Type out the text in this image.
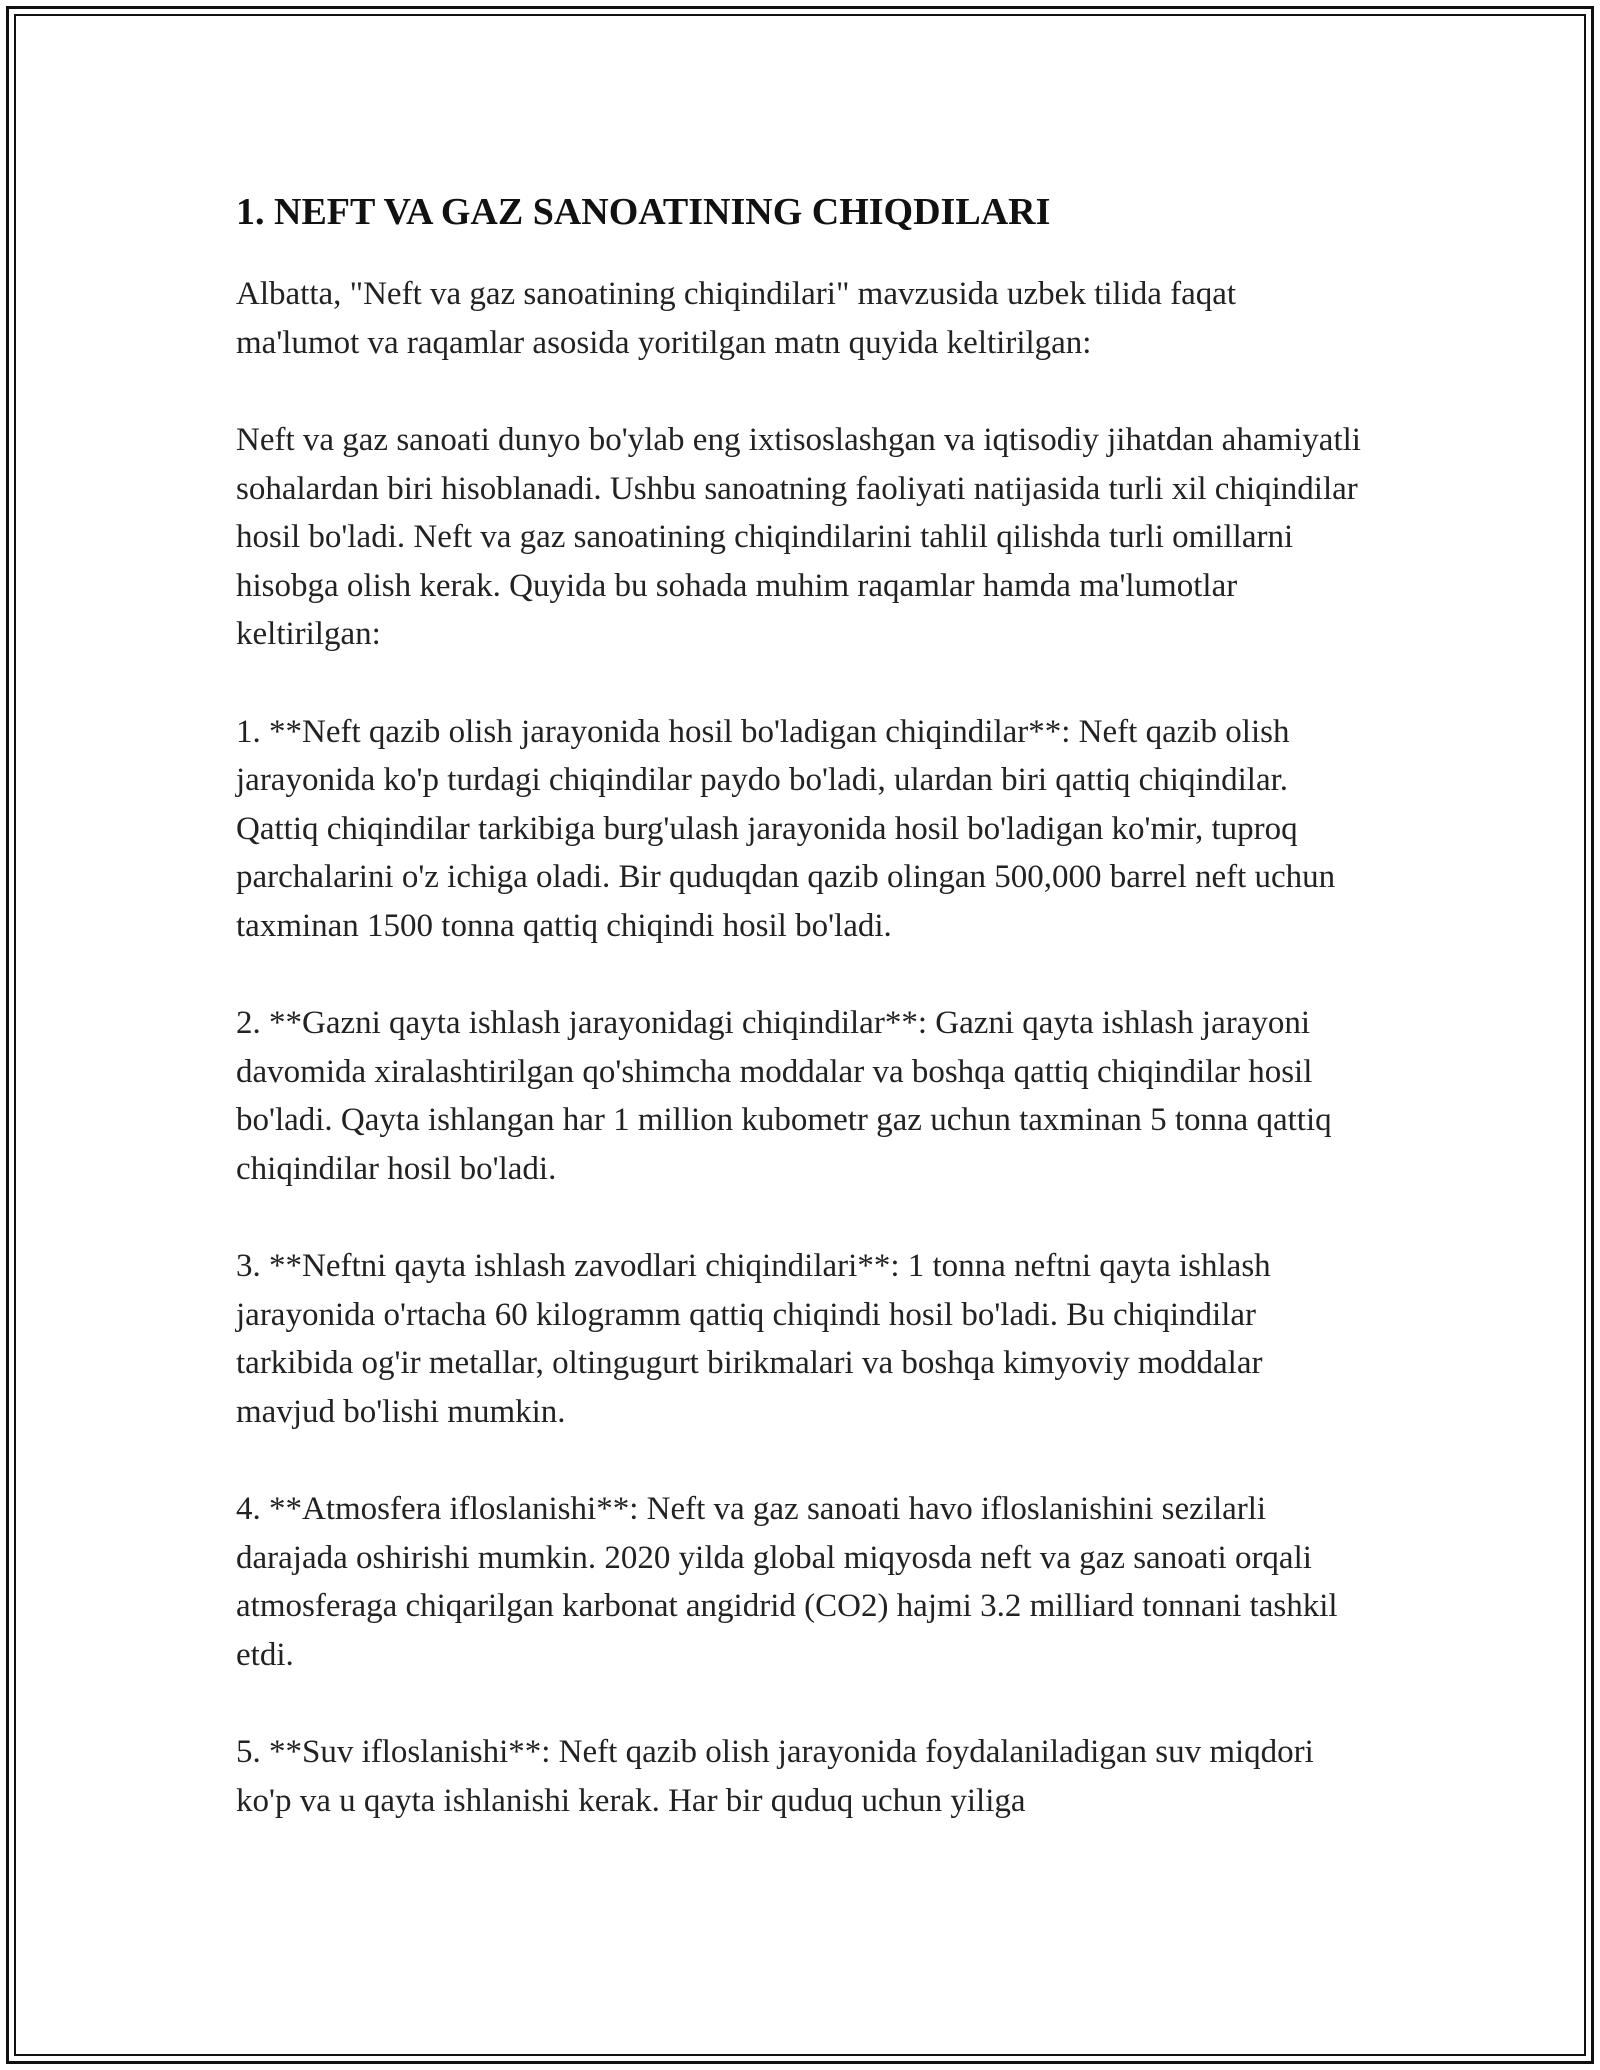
1. NEFT VA GAZ SANOATINING CHIQDILARI

Albatta, "Neft va gaz sanoatining chiqindilari" mavzusida uzbek tilida faqat ma'lumot va raqamlar asosida yoritilgan matn quyida keltirilgan:

Neft va gaz sanoati dunyo bo'ylab eng ixtisoslashgan va iqtisodiy jihatdan ahamiyatli sohalardan biri hisoblanadi. Ushbu sanoatning faoliyati natijasida turli xil chiqindilar hosil bo'ladi. Neft va gaz sanoatining chiqindilarini tahlil qilishda turli omillarni hisobga olish kerak. Quyida bu sohada muhim raqamlar hamda ma'lumotlar keltirilgan:

1. **Neft qazib olish jarayonida hosil bo'ladigan chiqindilar**: Neft qazib olish jarayonida ko'p turdagi chiqindilar paydo bo'ladi, ulardan biri qattiq chiqindilar. Qattiq chiqindilar tarkibiga burg'ulash jarayonida hosil bo'ladigan ko'mir, tuproq parchalarini o'z ichiga oladi. Bir quduqdan qazib olingan 500,000 barrel neft uchun taxminan 1500 tonna qattiq chiqindi hosil bo'ladi.

2. **Gazni qayta ishlash jarayonidagi chiqindilar**: Gazni qayta ishlash jarayoni davomida xiralashtirilgan qo'shimcha moddalar va boshqa qattiq chiqindilar hosil bo'ladi. Qayta ishlangan har 1 million kubometr gaz uchun taxminan 5 tonna qattiq chiqindilar hosil bo'ladi.

3. **Neftni qayta ishlash zavodlari chiqindilari**: 1 tonna neftni qayta ishlash jarayonida o'rtacha 60 kilogramm qattiq chiqindi hosil bo'ladi. Bu chiqindilar tarkibida og'ir metallar, oltingugurt birikmalari va boshqa kimyoviy moddalar mavjud bo'lishi mumkin.

4. **Atmosfera ifloslanishi**: Neft va gaz sanoati havo ifloslanishini sezilarli darajada oshirishi mumkin. 2020 yilda global miqyosda neft va gaz sanoati orqali atmosferaga chiqarilgan karbonat angidrid (CO2) hajmi 3.2 milliard tonnani tashkil etdi.

5. **Suv ifloslanishi**: Neft qazib olish jarayonida foydalaniladigan suv miqdori ko'p va u qayta ishlanishi kerak. Har bir quduq uchun yiliga
